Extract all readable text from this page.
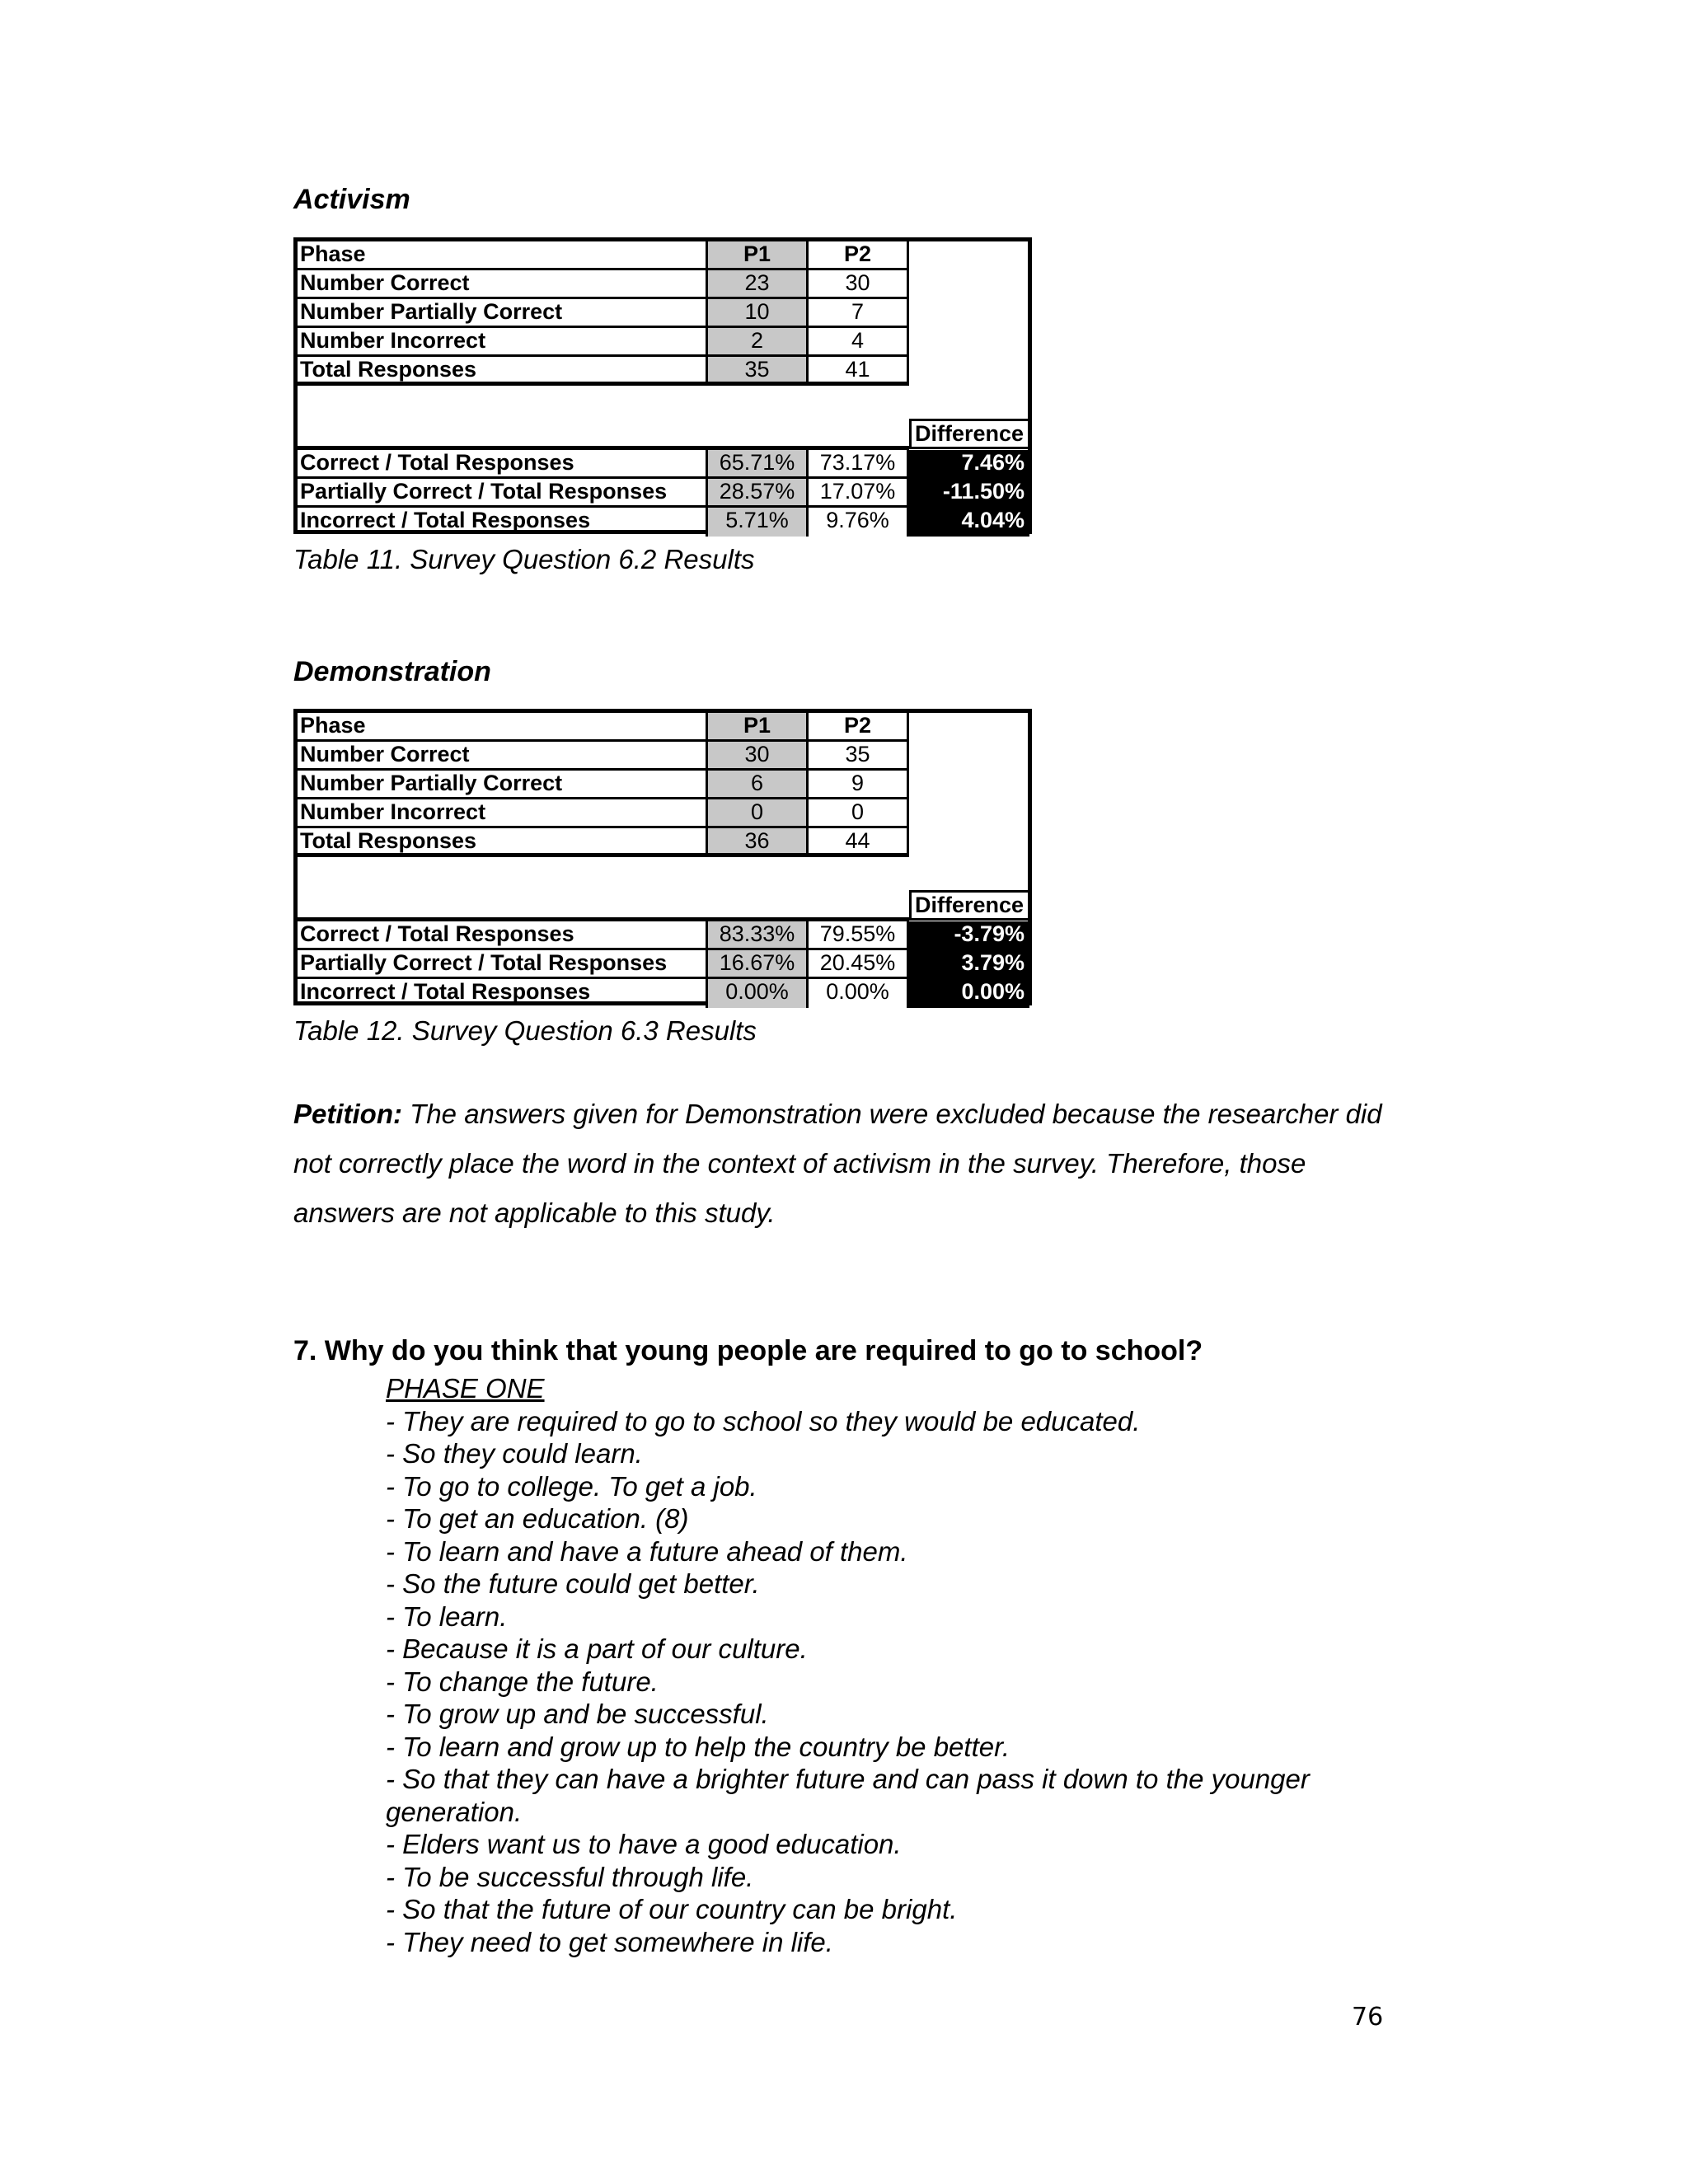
Activism
Phase	P1	P2
Number Correct	23	30
Number Partially Correct	10	7
Number Incorrect	2	4
Total Responses	35	41
Difference
Correct / Total Responses	65.71%	73.17%	7.46%
Partially Correct / Total Responses	28.57%	17.07%	-11.50%
Incorrect / Total Responses	5.71%	9.76%	4.04%
Table 11. Survey Question 6.2 Results
Demonstration
Phase	P1	P2
Number Correct	30	35
Number Partially Correct	6	9
Number Incorrect	0	0
Total Responses	36	44
Difference
Correct / Total Responses	83.33%	79.55%	-3.79%
Partially Correct / Total Responses	16.67%	20.45%	3.79%
Incorrect / Total Responses	0.00%	0.00%	0.00%
Table 12. Survey Question 6.3 Results
Petition: The answers given for Demonstration were excluded because the researcher did not correctly place the word in the context of activism in the survey. Therefore, those answers are not applicable to this study.
7. Why do you think that young people are required to go to school?
PHASE ONE

- They are required to go to school so they would be educated.

- So they could learn.

- To go to college. To get a job.

- To get an education. (8)

- To learn and have a future ahead of them.

- So the future could get better.

- To learn.

- Because it is a part of our culture.

- To change the future.

- To grow up and be successful.

- To learn and grow up to help the country be better.

- So that they can have a brighter future and can pass it down to the younger generation.

- Elders want us to have a good education.

- To be successful through life.

- So that the future of our country can be bright.

- They need to get somewhere in life.

76
